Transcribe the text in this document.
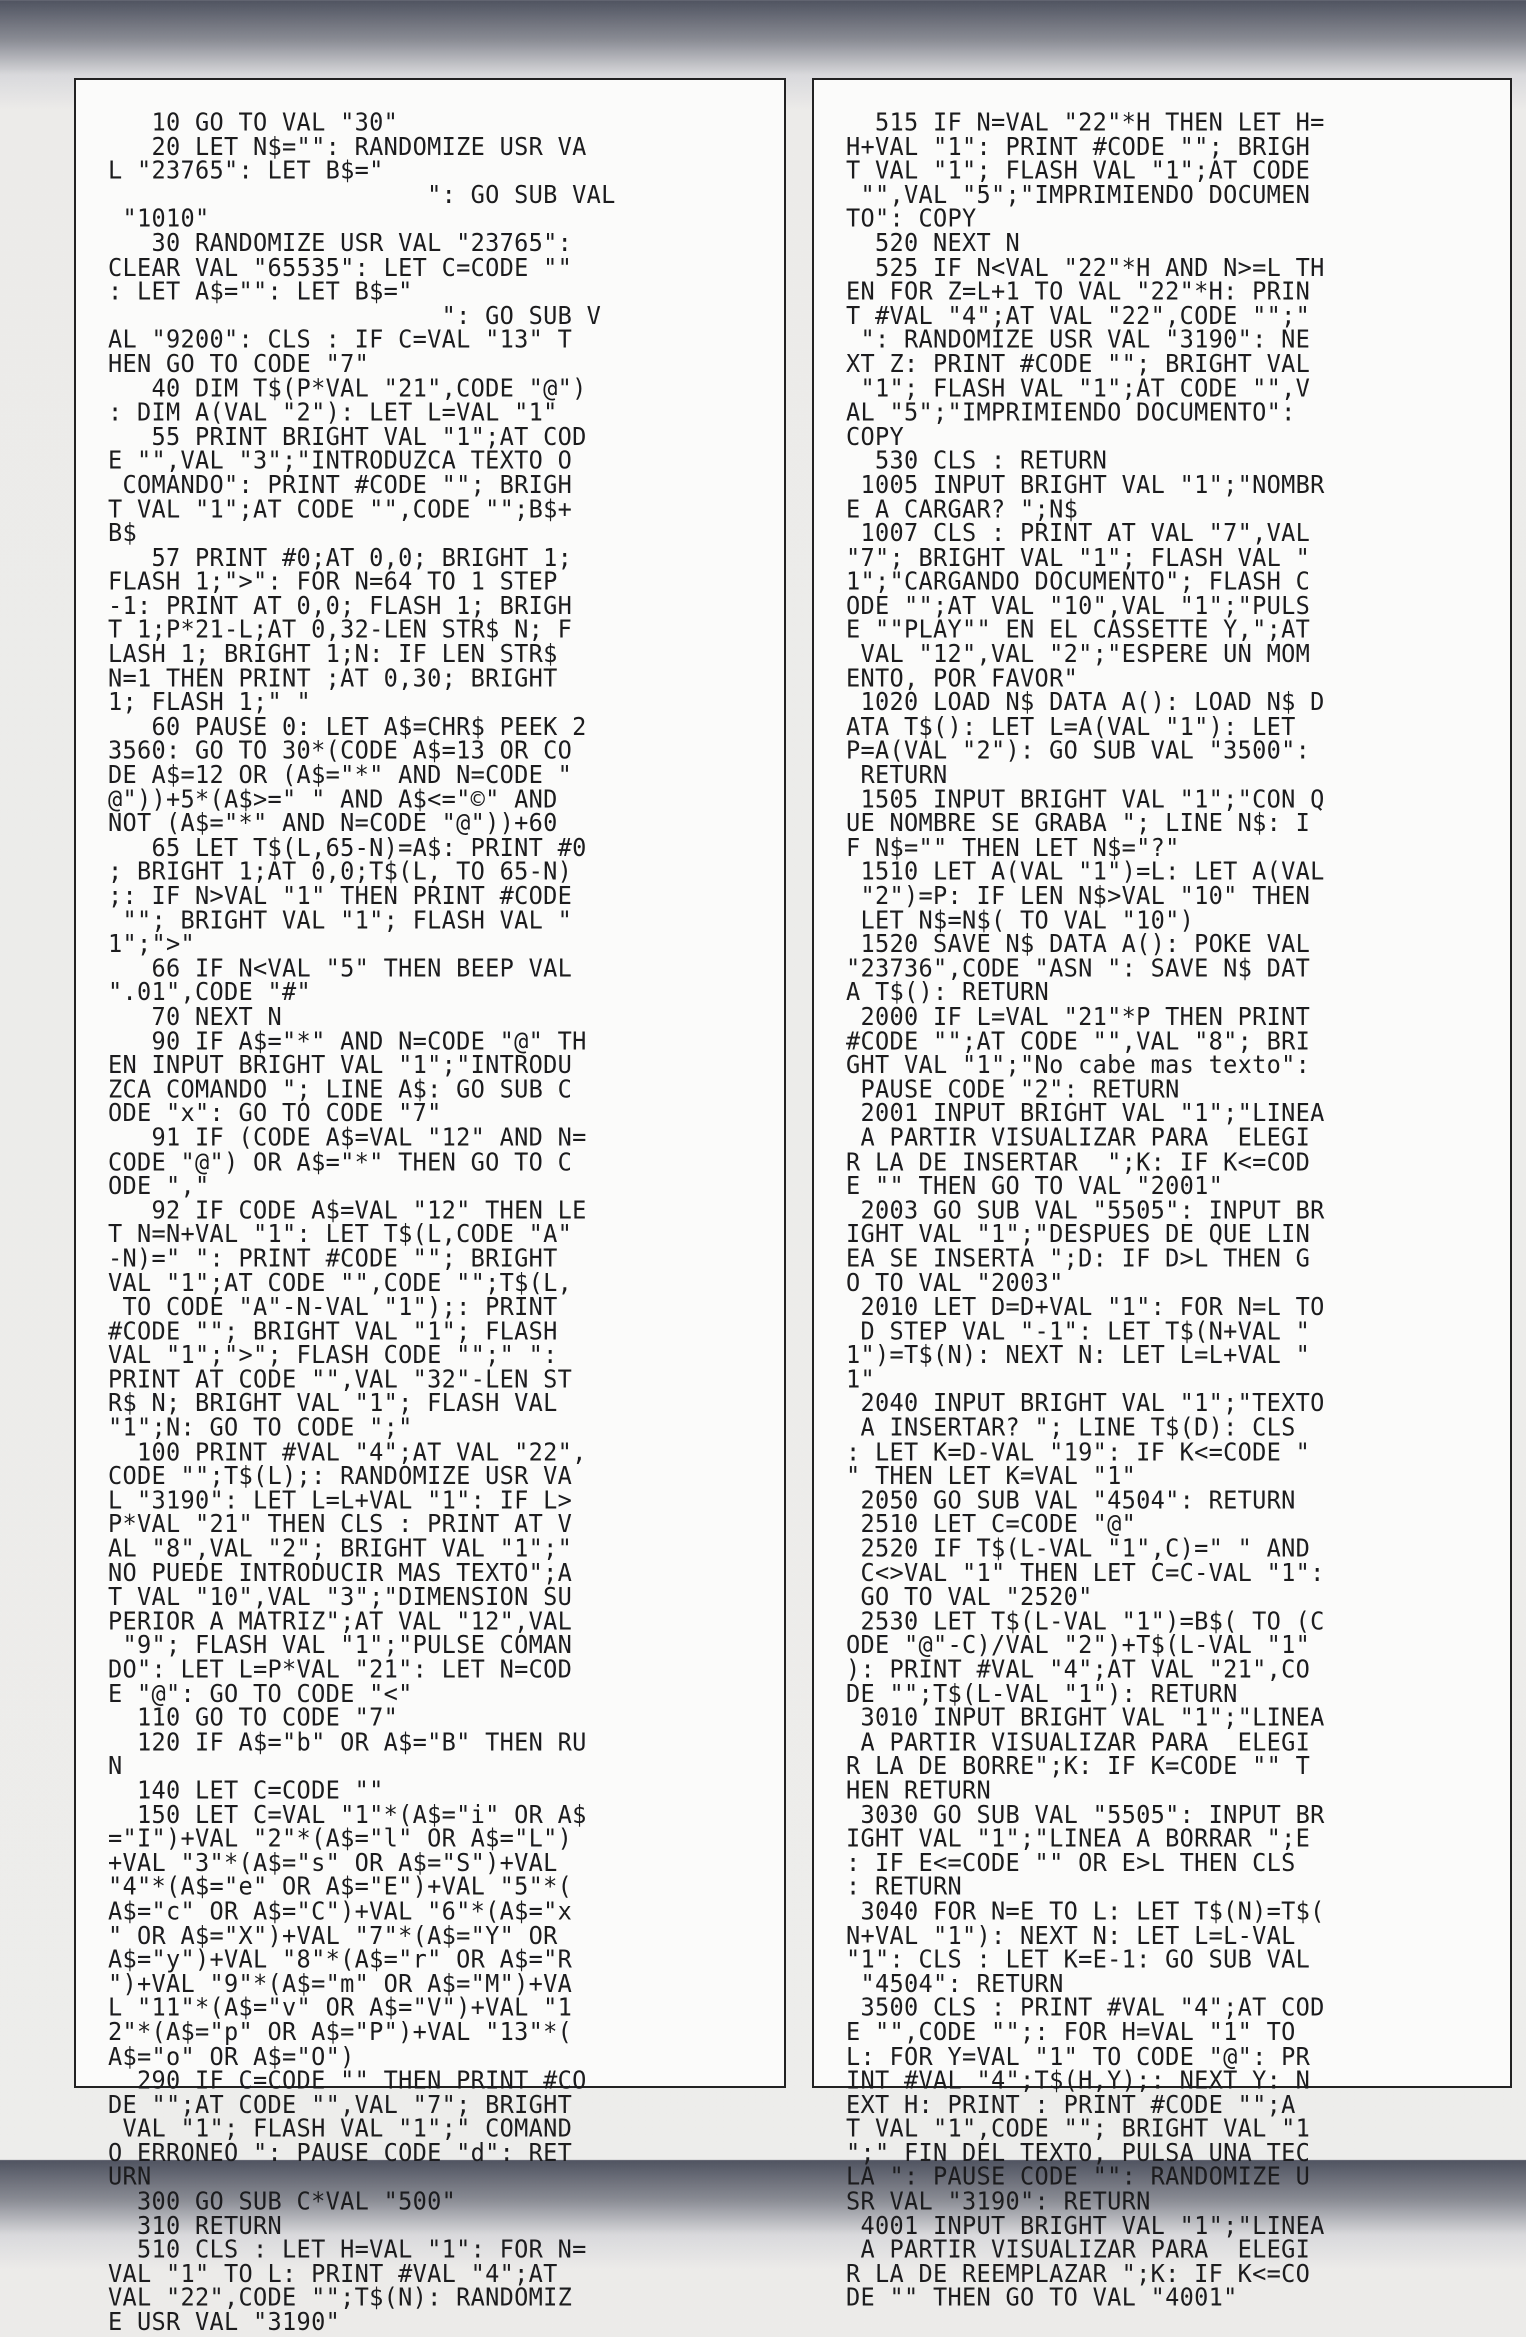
10 GO TO VAL "30"
20 LET N$="": RANDOMIZE USR VA
L "23765": LET B$="
": GO SUB VAL
"1010"
30 RANDOMIZE USR VAL "23765":
CLEAR VAL "65535": LET C=CODE ""
: LET A$="": LET B$="
": GO SUB V
AL "9200": CLS : IF C=VAL "13" T
HEN GO TO CODE "7"
40 DIM T$(P*VAL "21",CODE "@")
: DIM A(VAL "2"): LET L=VAL "1"
55 PRINT BRIGHT VAL "1";AT COD
E "",VAL "3";"INTRODUZCA TEXTO O
COMANDO": PRINT #CODE ""; BRIGH
T VAL "1";AT CODE "",CODE "";B$+
B$
57 PRINT #0;AT 0,0; BRIGHT 1;
FLASH 1;">": FOR N=64 TO 1 STEP
-1: PRINT AT 0,0; FLASH 1; BRIGH
T 1;P*21-L;AT 0,32-LEN STR$ N; F
LASH 1; BRIGHT 1;N: IF LEN STR$
N=1 THEN PRINT ;AT 0,30; BRIGHT
1; FLASH 1;" "
60 PAUSE 0: LET A$=CHR$ PEEK 2
3560: GO TO 30*(CODE A$=13 OR CO
DE A$=12 OR (A$="*" AND N=CODE "
@"))+5*(A$>=" " AND A$<="©" AND
NOT (A$="*" AND N=CODE "@"))+60
65 LET T$(L,65-N)=A$: PRINT #0
; BRIGHT 1;AT 0,0;T$(L, TO 65-N)
;: IF N>VAL "1" THEN PRINT #CODE
""; BRIGHT VAL "1"; FLASH VAL "
1";">"
66 IF N<VAL "5" THEN BEEP VAL
".01",CODE "#"
70 NEXT N
90 IF A$="*" AND N=CODE "@" TH
EN INPUT BRIGHT VAL "1";"INTRODU
ZCA COMANDO "; LINE A$: GO SUB C
ODE "x": GO TO CODE "7"
91 IF (CODE A$=VAL "12" AND N=
CODE "@") OR A$="*" THEN GO TO C
ODE ","
92 IF CODE A$=VAL "12" THEN LE
T N=N+VAL "1": LET T$(L,CODE "A"
-N)=" ": PRINT #CODE ""; BRIGHT
VAL "1";AT CODE "",CODE "";T$(L,
TO CODE "A"-N-VAL "1");: PRINT
#CODE ""; BRIGHT VAL "1"; FLASH
VAL "1";">"; FLASH CODE "";" ":
PRINT AT CODE "",VAL "32"-LEN ST
R$ N; BRIGHT VAL "1"; FLASH VAL
"1";N: GO TO CODE ";"
100 PRINT #VAL "4";AT VAL "22",
CODE "";T$(L);: RANDOMIZE USR VA
L "3190": LET L=L+VAL "1": IF L>
P*VAL "21" THEN CLS : PRINT AT V
AL "8",VAL "2"; BRIGHT VAL "1";"
NO PUEDE INTRODUCIR MAS TEXTO";A
T VAL "10",VAL "3";"DIMENSION SU
PERIOR A MATRIZ";AT VAL "12",VAL
"9"; FLASH VAL "1";"PULSE COMAN
DO": LET L=P*VAL "21": LET N=COD
E "@": GO TO CODE "<"
110 GO TO CODE "7"
120 IF A$="b" OR A$="B" THEN RU
N
140 LET C=CODE ""
150 LET C=VAL "1"*(A$="i" OR A$
="I")+VAL "2"*(A$="l" OR A$="L")
+VAL "3"*(A$="s" OR A$="S")+VAL
"4"*(A$="e" OR A$="E")+VAL "5"*(
A$="c" OR A$="C")+VAL "6"*(A$="x
" OR A$="X")+VAL "7"*(A$="Y" OR
A$="y")+VAL "8"*(A$="r" OR A$="R
")+VAL "9"*(A$="m" OR A$="M")+VA
L "11"*(A$="v" OR A$="V")+VAL "1
2"*(A$="p" OR A$="P")+VAL "13"*(
A$="o" OR A$="O")
290 IF C=CODE "" THEN PRINT #CO
DE "";AT CODE "",VAL "7"; BRIGHT
VAL "1"; FLASH VAL "1";" COMAND
O ERRONEO ": PAUSE CODE "d": RET
URN
300 GO SUB C*VAL "500"
310 RETURN
510 CLS : LET H=VAL "1": FOR N=
VAL "1" TO L: PRINT #VAL "4";AT
VAL "22",CODE "";T$(N): RANDOMIZ
E USR VAL "3190"
515 IF N=VAL "22"*H THEN LET H=
H+VAL "1": PRINT #CODE ""; BRIGH
T VAL "1"; FLASH VAL "1";AT CODE
"",VAL "5";"IMPRIMIENDO DOCUMEN
TO": COPY
520 NEXT N
525 IF N<VAL "22"*H AND N>=L TH
EN FOR Z=L+1 TO VAL "22"*H: PRIN
T #VAL "4";AT VAL "22",CODE "";"
": RANDOMIZE USR VAL "3190": NE
XT Z: PRINT #CODE ""; BRIGHT VAL
"1"; FLASH VAL "1";AT CODE "",V
AL "5";"IMPRIMIENDO DOCUMENTO":
COPY
530 CLS : RETURN
1005 INPUT BRIGHT VAL "1";"NOMBR
E A CARGAR? ";N$
1007 CLS : PRINT AT VAL "7",VAL
"7"; BRIGHT VAL "1"; FLASH VAL "
1";"CARGANDO DOCUMENTO"; FLASH C
ODE "";AT VAL "10",VAL "1";"PULS
E ""PLAY"" EN EL CASSETTE Y,";AT
VAL "12",VAL "2";"ESPERE UN MOM
ENTO, POR FAVOR"
1020 LOAD N$ DATA A(): LOAD N$ D
ATA T$(): LET L=A(VAL "1"): LET
P=A(VAL "2"): GO SUB VAL "3500":
RETURN
1505 INPUT BRIGHT VAL "1";"CON Q
UE NOMBRE SE GRABA "; LINE N$: I
F N$="" THEN LET N$="?"
1510 LET A(VAL "1")=L: LET A(VAL
"2")=P: IF LEN N$>VAL "10" THEN
LET N$=N$( TO VAL "10")
1520 SAVE N$ DATA A(): POKE VAL
"23736",CODE "ASN ": SAVE N$ DAT
A T$(): RETURN
2000 IF L=VAL "21"*P THEN PRINT
#CODE "";AT CODE "",VAL "8"; BRI
GHT VAL "1";"No cabe mas texto":
PAUSE CODE "2": RETURN
2001 INPUT BRIGHT VAL "1";"LINEA
A PARTIR VISUALIZAR PARA  ELEGI
R LA DE INSERTAR  ";K: IF K<=COD
E "" THEN GO TO VAL "2001"
2003 GO SUB VAL "5505": INPUT BR
IGHT VAL "1";"DESPUES DE QUE LIN
EA SE INSERTA ";D: IF D>L THEN G
O TO VAL "2003"
2010 LET D=D+VAL "1": FOR N=L TO
D STEP VAL "-1": LET T$(N+VAL "
1")=T$(N): NEXT N: LET L=L+VAL "
1"
2040 INPUT BRIGHT VAL "1";"TEXTO
A INSERTAR? "; LINE T$(D): CLS
: LET K=D-VAL "19": IF K<=CODE "
" THEN LET K=VAL "1"
2050 GO SUB VAL "4504": RETURN
2510 LET C=CODE "@"
2520 IF T$(L-VAL "1",C)=" " AND
C<>VAL "1" THEN LET C=C-VAL "1":
GO TO VAL "2520"
2530 LET T$(L-VAL "1")=B$( TO (C
ODE "@"-C)/VAL "2")+T$(L-VAL "1"
): PRINT #VAL "4";AT VAL "21",CO
DE "";T$(L-VAL "1"): RETURN
3010 INPUT BRIGHT VAL "1";"LINEA
A PARTIR VISUALIZAR PARA  ELEGI
R LA DE BORRE";K: IF K=CODE "" T
HEN RETURN
3030 GO SUB VAL "5505": INPUT BR
IGHT VAL "1";"LINEA A BORRAR ";E
: IF E<=CODE "" OR E>L THEN CLS
: RETURN
3040 FOR N=E TO L: LET T$(N)=T$(
N+VAL "1"): NEXT N: LET L=L-VAL
"1": CLS : LET K=E-1: GO SUB VAL
"4504": RETURN
3500 CLS : PRINT #VAL "4";AT COD
E "",CODE "";: FOR H=VAL "1" TO
L: FOR Y=VAL "1" TO CODE "@": PR
INT #VAL "4";T$(H,Y);: NEXT Y: N
EXT H: PRINT : PRINT #CODE "";A
T VAL "1",CODE ""; BRIGHT VAL "1
";" FIN DEL TEXTO, PULSA UNA TEC
LA ": PAUSE CODE "": RANDOMIZE U
SR VAL "3190": RETURN
4001 INPUT BRIGHT VAL "1";"LINEA
A PARTIR VISUALIZAR PARA  ELEGI
R LA DE REEMPLAZAR ";K: IF K<=CO
DE "" THEN GO TO VAL "4001"
